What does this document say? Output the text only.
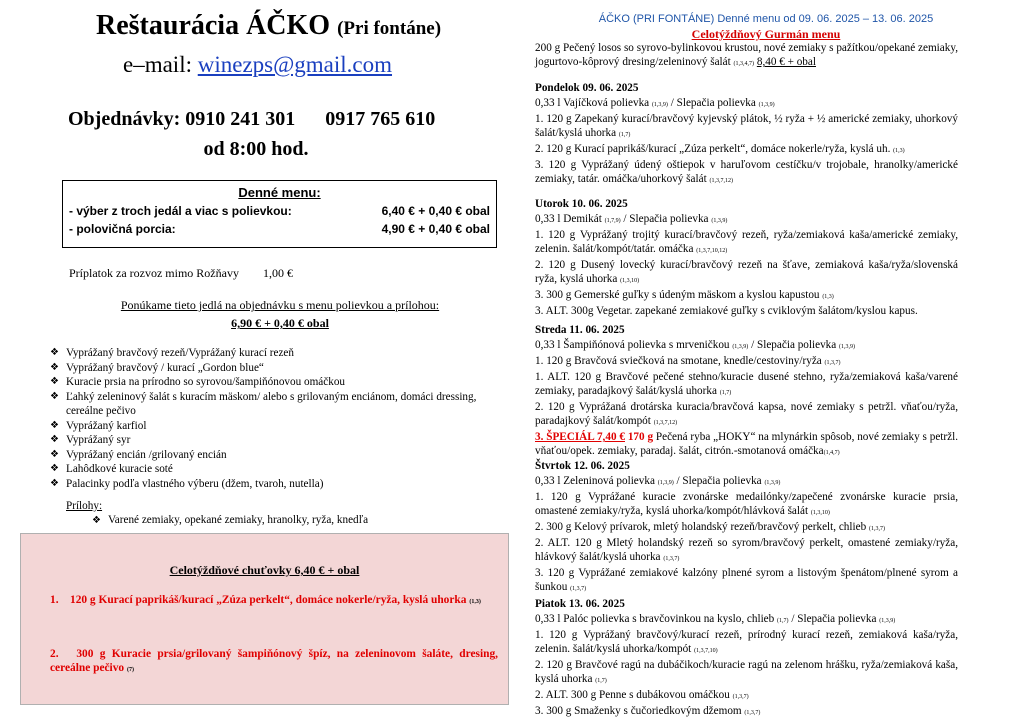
Reštaurácia ÁČKO (Pri fontáne)
e–mail: winezps@gmail.com
Objednávky: 0910 241 301 0917 765 610
od 8:00 hod.
Denné menu:
- výber z troch jedál a viac s polievkou:	6,40 € + 0,40 € obal
- polovičná porcia:	4,90 € + 0,40 € obal
Príplatok za rozvoz mimo Rožňavy 1,00 €
Ponúkame tieto jedlá na objednávku s menu polievkou a prílohou:
6,90 € + 0,40 € obal
❖ Vyprážaný bravčový rezeň/Vyprážaný kurací rezeň
❖ Vyprážaný bravčový / kurací „Gordon blue“
❖ Kuracie prsia na prírodno so syrovou/šampiňónovou omáčkou
❖ Ľahký zeleninový šalát s kuracím mäskom/ alebo s grilovaným enciánom, domáci dressing, cereálne pečivo
❖ Vyprážaný karfiol
❖ Vyprážaný syr
❖ Vyprážaný encián /grilovaný encián
❖ Lahôdkové kuracie soté
❖ Palacinky podľa vlastného výberu (džem, tvaroh, nutella)
Prílohy:
❖ Varené zemiaky, opekané zemiaky, hranolky, ryža, knedľa
Celotýždňové chuťovky 6,40 € + obal
1. 120 g Kurací paprikáš/kurací „Zúza perkelt“, domáce nokerle/ryža, kyslá uhorka (1,3)
2. 300 g Kuracie prsia/grilovaný šampiňónový špíz, na zeleninovom šaláte, dresing, cereálne pečivo (7)
ÁČKO (PRI FONTÁNE) Denné menu od 09. 06. 2025 – 13. 06. 2025
Celotýždňový Gurmán menu
200 g Pečený losos so syrovo-bylinkovou krustou, nové zemiaky s pažítkou/opekané zemiaky, jogurtovo-kôprový dresing/zeleninový šalát (1,3,4,7) 8,40 € + obal
Pondelok 09. 06. 2025
0,33 l Vajíčková polievka (1,3,9) / Slepačia polievka (1,3,9)
1. 120 g Zapekaný kurací/bravčový kyjevský plátok, ½ ryža + ½ americké zemiaky, uhorkový šalát/kyslá uhorka (1,7)
2. 120 g Kurací paprikáš/kurací „Zúza perkelt“, domáce nokerle/ryža, kyslá uh. (1,3)
3. 120 g Vyprážaný údený oštiepok v haruľovom cestíčku/v trojobale, hranolky/americké zemiaky, tatár. omáčka/uhorkový šalát (1,3,7,12)
Utorok 10. 06. 2025
0,33 l Demikát (1,7,9) / Slepačia polievka (1,3,9)
1. 120 g Vyprážaný trojitý kurací/bravčový rezeň, ryža/zemiaková kaša/americké zemiaky, zelenin. šalát/kompót/tatár. omáčka (1,3,7,10,12)
2. 120 g Dusený lovecký kurací/bravčový rezeň na šťave, zemiaková kaša/ryža/slovenská ryža, kyslá uhorka (1,3,10)
3. 300 g Gemerské guľky s údeným mäskom a kyslou kapustou (1,3)
3. ALT. 300g Vegetar. zapekané zemiakové guľky s cviklovým šalátom/kyslou kapus.
Streda 11. 06. 2025
0,33 l Šampiňónová polievka s mrveničkou (1,3,9) / Slepačia polievka (1,3,9)
1. 120 g Bravčová sviečková na smotane, knedle/cestoviny/ryža (1,3,7)
1. ALT. 120 g Bravčové pečené stehno/kuracie dusené stehno, ryža/zemiaková kaša/varené zemiaky, paradajkový šalát/kyslá uhorka (1,7)
2. 120 g Vyprážaná drotárska kuracia/bravčová kapsa, nové zemiaky s petržl. vňaťou/ryža, paradajkový šalát/kompót (1,3,7,12)
3. ŠPECIÁL 7,40 € 170 g Pečená ryba „HOKY“ na mlynárkin spôsob, nové zemiaky s petržl. vňaťou/opek. zemiaky, paradaj. šalát, citrón.-smotanová omáčka(1,4,7)
Štvrtok 12. 06. 2025
0,33 l Zeleninová polievka (1,3,9) / Slepačia polievka (1,3,9)
1. 120 g Vyprážané kuracie zvonárske medailónky/zapečené zvonárske kuracie prsia, omastené zemiaky/ryža, kyslá uhorka/kompót/hlávková šalát (1,3,10)
2. 300 g Kelový prívarok, mletý holandský rezeň/bravčový perkelt, chlieb (1,3,7)
2. ALT. 120 g Mletý holandský rezeň so syrom/bravčový perkelt, omastené zemiaky/ryža, hlávkový šalát/kyslá uhorka (1,3,7)
3. 120 g Vyprážané zemiakové kalzóny plnené syrom a listovým špenátom/plnené syrom a šunkou (1,3,7)
Piatok 13. 06. 2025
0,33 l Palóc polievka s bravčovinkou na kyslo, chlieb (1,7) / Slepačia polievka (1,3,9)
1. 120 g Vyprážaný bravčový/kurací rezeň, prírodný kurací rezeň, zemiaková kaša/ryža, zelenin. šalát/kyslá uhorka/kompót (1,3,7,10)
2. 120 g Bravčové ragú na dubáčikoch/kuracie ragú na zelenom hrášku, ryža/zemiaková kaša, kyslá uhorka (1,7)
2. ALT. 300 g Penne s dubákovou omáčkou (1,3,7)
3. 300 g Smaženky s čučoriedkovým džemom (1,3,7)
